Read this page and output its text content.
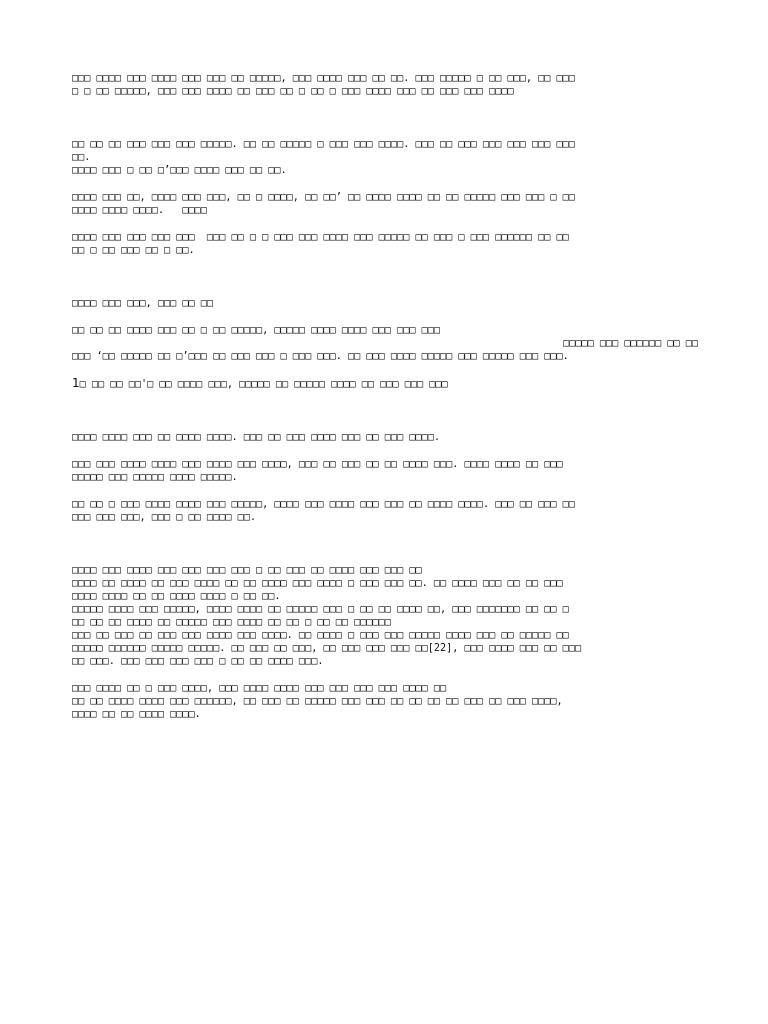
□□□ □□□□ □□□ □□□□ □□□ □□□ □□ □□□□□, □□□ □□□□ □□□ □□ □□. □□□ □□□□□ □ □□ □□□, □□ □□□
□ □ □□ □□□□□, □□□ □□□ □□□□ □□ □□□ □□ □ □□ □ □□□ □□□□ □□□ □□ □□□ □□□ □□□□
□□ □□ □□ □□□ □□□ □□□ □□□□□. □□ □□ □□□□□ □ □□□ □□□ □□□□. □□□ □□ □□□ □□□ □□□ □□□ □□□
□□.
□□□□ □□□ □ □□ □’□□□ □□□□ □□□ □□ □□.
□□□□ □□□ □□, □□□□ □□□ □□□, □□ □ □□□□, □□ □□’ □□ □□□□ □□□□ □□ □□ □□□□□ □□□ □□□ □ □□
□□□□ □□□□ □□□□.   □□□□
□□□□ □□□ □□□ □□□ □□□  □□□ □□ □ □ □□□ □□□ □□□□ □□□ □□□□□ □□ □□□ □ □□□ □□□□□□ □□ □□
□□ □ □□ □□□ □□ □ □□.
□□□□ □□□ □□□, □□□ □□ □□
□□ □□ □□ □□□□ □□□ □□ □ □□ □□□□□, □□□□□ □□□□ □□□□ □□□ □□□ □□□
□□□□□ □□□ □□□□□□ □□ □□
□□□ ‘□□ □□□□□ □□ □’□□□ □□ □□□ □□□ □ □□□ □□□. □□ □□□ □□□□ □□□□□ □□□ □□□□□ □□□ □□□.
1□ □□ □□ □□'□ □□ □□□□ □□□, □□□□□ □□ □□□□□ □□□□ □□ □□□ □□□ □□□
□□□□ □□□□ □□□ □□ □□□□ □□□□. □□□ □□ □□□ □□□□ □□□ □□ □□□ □□□□.
□□□ □□□ □□□□ □□□□ □□□ □□□□ □□□ □□□□, □□□ □□ □□□ □□ □□ □□□□ □□□. □□□□ □□□□ □□ □□□
□□□□□ □□□ □□□□□ □□□□ □□□□□.
□□ □□ □ □□□ □□□□ □□□□ □□□ □□□□□, □□□□ □□□ □□□□ □□□ □□□ □□ □□□□ □□□□. □□□ □□ □□□ □□
□□□ □□□ □□□, □□□ □ □□ □□□□ □□.
□□□□ □□□ □□□□ □□□ □□□ □□□ □□□ □ □□ □□□ □□ □□□□ □□□ □□□ □□
□□□□ □□ □□□□ □□ □□□ □□□□ □□ □□ □□□□ □□□ □□□□ □ □□□ □□□ □□. □□ □□□□ □□□ □□ □□ □□□
□□□□ □□□□ □□ □□ □□□□ □□□□ □ □□ □□.
□□□□□ □□□□ □□□ □□□□□, □□□□ □□□□ □□ □□□□□ □□□ □ □□ □□ □□□□ □□, □□□ □□□□□□□ □□ □□ □
□□ □□ □□ □□□□ □□ □□□□□ □□□ □□□□ □□ □□ □ □□ □□ □□□□□□
□□□ □□ □□□ □□ □□□ □□□ □□□□ □□□ □□□□. □□ □□□□ □ □□□ □□□ □□□□□ □□□□ □□□ □□ □□□□□ □□
□□□□□ □□□□□□ □□□□□ □□□□□. □□ □□□ □□ □□□, □□ □□□ □□□ □□□ □□[22], □□□ □□□□ □□□ □□ □□□
□□ □□□. □□□ □□□ □□□ □□□ □ □□ □□ □□□□ □□□.
□□□ □□□□ □□ □ □□□ □□□□, □□□ □□□□ □□□□ □□□ □□□ □□□ □□□ □□□□ □□
□□ □□ □□□□ □□□□ □□□ □□□□□□, □□ □□□ □□ □□□□□ □□□ □□□ □□ □□ □□ □□ □□□ □□ □□□ □□□□,
□□□□ □□ □□ □□□□ □□□□.
